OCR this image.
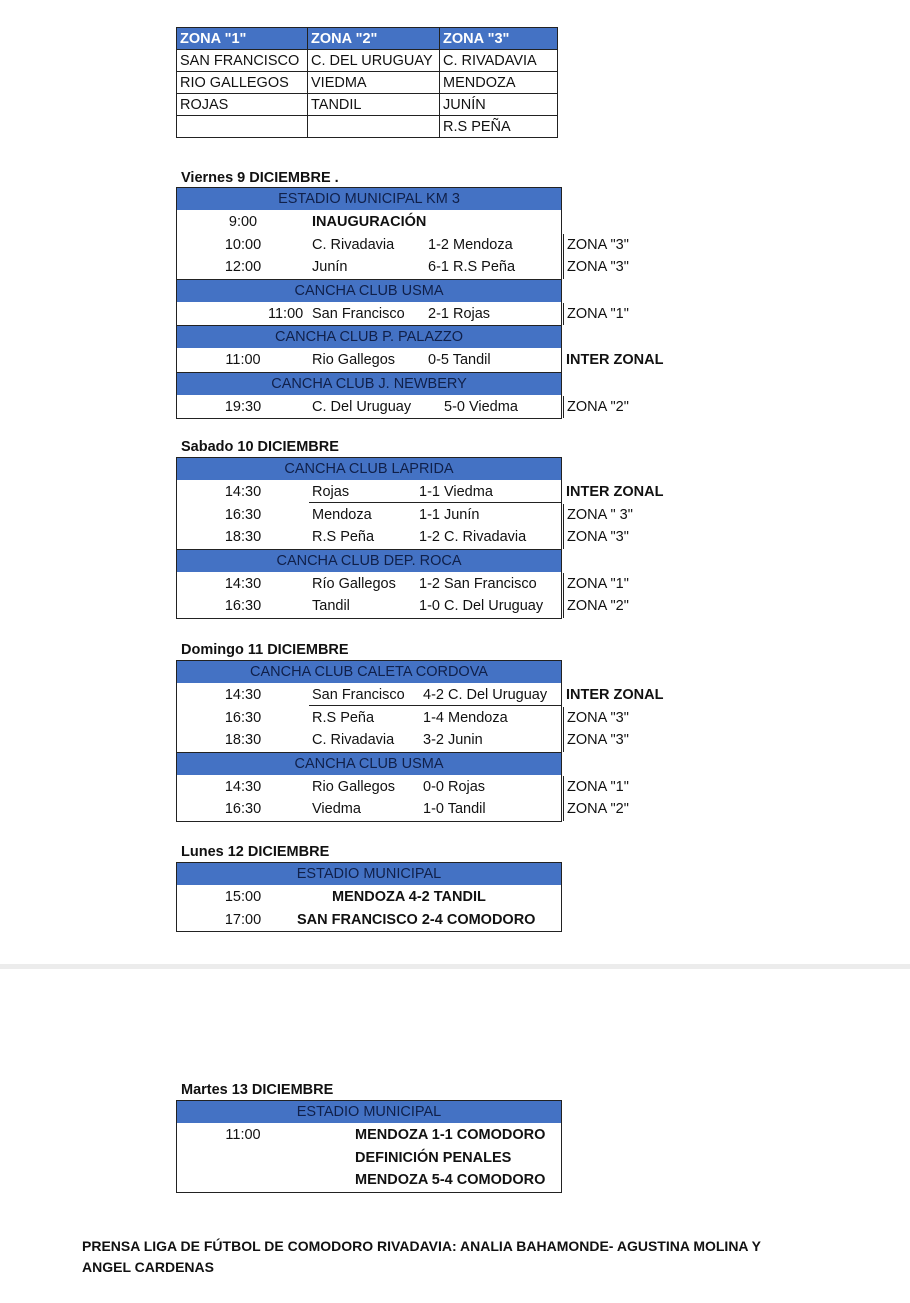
ZONA "1"	ZONA "2"	ZONA "3"
SAN FRANCISCO	C. DEL URUGUAY	C. RIVADAVIA
RIO GALLEGOS	VIEDMA	MENDOZA
ROJAS	TANDIL	JUNÍN
		R.S PEÑA
Viernes 9 DICIEMBRE .
ESTADIO MUNICIPAL KM 3
9:00	INAUGURACIÓN
10:00	C. Rivadavia 1-2 Mendoza	ZONA "3"
12:00	Junín	6-1 R.S Peña	ZONA "3"
CANCHA CLUB USMA
11:00 San Francisco 2-1 Rojas	ZONA "1"
CANCHA CLUB P. PALAZZO
11:00	Rio Gallegos 0-5 Tandil	INTER ZONAL
CANCHA CLUB J. NEWBERY
19:30	C. Del Uruguay 5-0 Viedma	ZONA "2"
Sabado 10 DICIEMBRE
CANCHA CLUB LAPRIDA
14:30	Rojas	1-1 Viedma	INTER ZONAL
16:30	Mendoza	1-1 Junín	ZONA " 3"
18:30	R.S Peña	1-2 C. Rivadavia	ZONA "3"
CANCHA CLUB DEP. ROCA
14:30	Río Gallegos 1-2 San Francisco ZONA "1"
16:30	Tandil	1-0 C. Del Uruguay ZONA "2"
Domingo 11 DICIEMBRE
CANCHA CLUB CALETA CORDOVA
14:30	San Francisco 4-2 C. Del Uruguay INTER ZONAL
16:30	R.S Peña	1-4 Mendoza	ZONA "3"
18:30	C. Rivadavia 3-2 Junin	ZONA "3"
CANCHA CLUB USMA
14:30	Rio Gallegos 0-0 Rojas	ZONA "1"
16:30	Viedma	1-0 Tandil	ZONA "2"
Lunes 12 DICIEMBRE
ESTADIO MUNICIPAL
15:00	MENDOZA 4-2 TANDIL
17:00	SAN FRANCISCO 2-4 COMODORO
Martes 13 DICIEMBRE
ESTADIO MUNICIPAL
11:00	MENDOZA 1-1 COMODORO
DEFINICIÓN PENALES
MENDOZA 5-4 COMODORO
PRENSA LIGA DE FÚTBOL DE COMODORO RIVADAVIA: ANALIA BAHAMONDE- AGUSTINA MOLINA Y ANGEL CARDENAS
